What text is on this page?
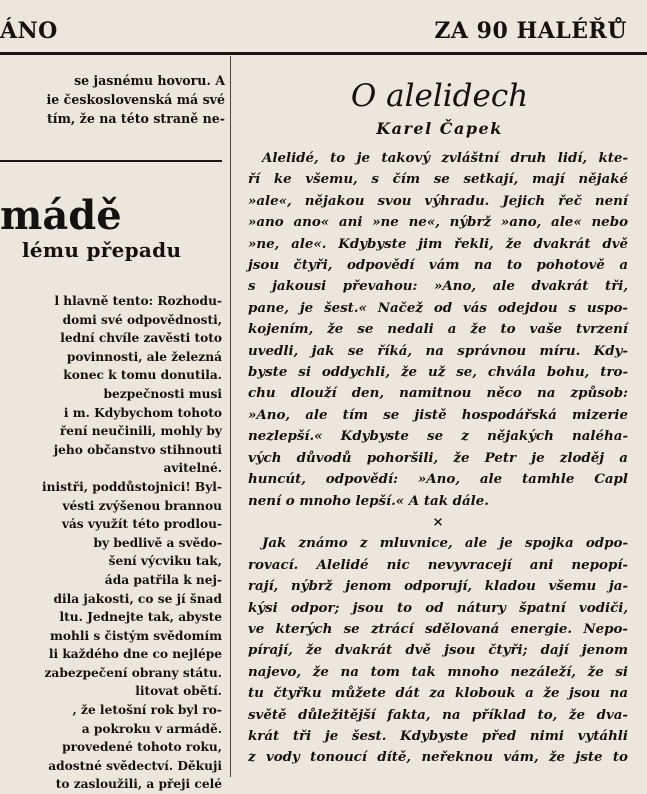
ÁNO	ZA 90 HALÉŘŮ
se jasnému hovoru. A
ie československá má své
tím, že na této straně ne-
mádě
lému přepadu
l hlavně tento: Rozhodu-
domi své odpovědnosti,
lední chvíle zavěsti toto
povinnosti, ale železná
konec k tomu donutila.
bezpečnosti musi
i m. Kdybychom tohoto
ření neučinili, mohly by
jeho občanstvo stihnouti
avitelné.
inistři, poddůstojnici! Byl-
vésti zvýšenou brannou
vás využít této prodlou-
by bedlivě a svědo-
šení výcviku tak,
áda patřila k nej-
dila jakosti, co se jí šnad
ltu. Jednejte tak, abyste
mohli s čistým svědomím
li každého dne co nejlépe
zabezpečení obrany státu.
litovat obětí.
, že letošní rok byl ro-
a pokroku v armádě.
provedené tohoto roku,
adostné svědectví. Děkuji
to zasloužili, a přeji celé
O alelidech
Karel Čapek
Alelidé, to je takový zvláštní druh lidí, kte-
ří ke všemu, s čím se setkají, mají nějaké
»ale«, nějakou svou výhradu. Jejich řeč není
»ano ano« ani »ne ne«, nýbrž »ano, ale« nebo
»ne, ale«. Kdybyste jim řekli, že dvakrát dvě
jsou čtyři, odpovědí vám na to pohotově a
s jakousi převahou: »Ano, ale dvakrát tři,
pane, je šest.« Načež od vás odejdou s uspo-
kojením, že se nedali a že to vaše tvrzení
uvedli, jak se říká, na správnou míru. Kdy-
byste si oddychli, že už se, chvála bohu, tro-
chu dlouží den, namitnou něco na způsob:
»Ano, ale tím se jistě hospodářská mizerie
nezlepší.« Kdybyste se z nějakých naléha-
vých důvodů pohoršili, že Petr je zloděj a
huncút, odpovědí: »Ano, ale tamhle Capl
není o mnoho lepší.« A tak dále.
×
Jak známo z mluvnice, ale je spojka odpo-
rovací. Alelidé nic nevyvracejí ani nepopí-
rají, nýbrž jenom odporují, kladou všemu ja-
kýsi odpor; jsou to od nátury špatní vodiči,
ve kterých se ztrácí sdělovaná energie. Nepo-
pírají, že dvakrát dvě jsou čtyři; dají jenom
najevo, že na tom tak mnoho nezáleží, že si
tu čtyřku můžete dát za klobouk a že jsou na
světě důležitější fakta, na příklad to, že dva-
krát tři je šest. Kdybyste před nimi vytáhli
z vody tonoucí dítě, neřeknou vám, že jste to
